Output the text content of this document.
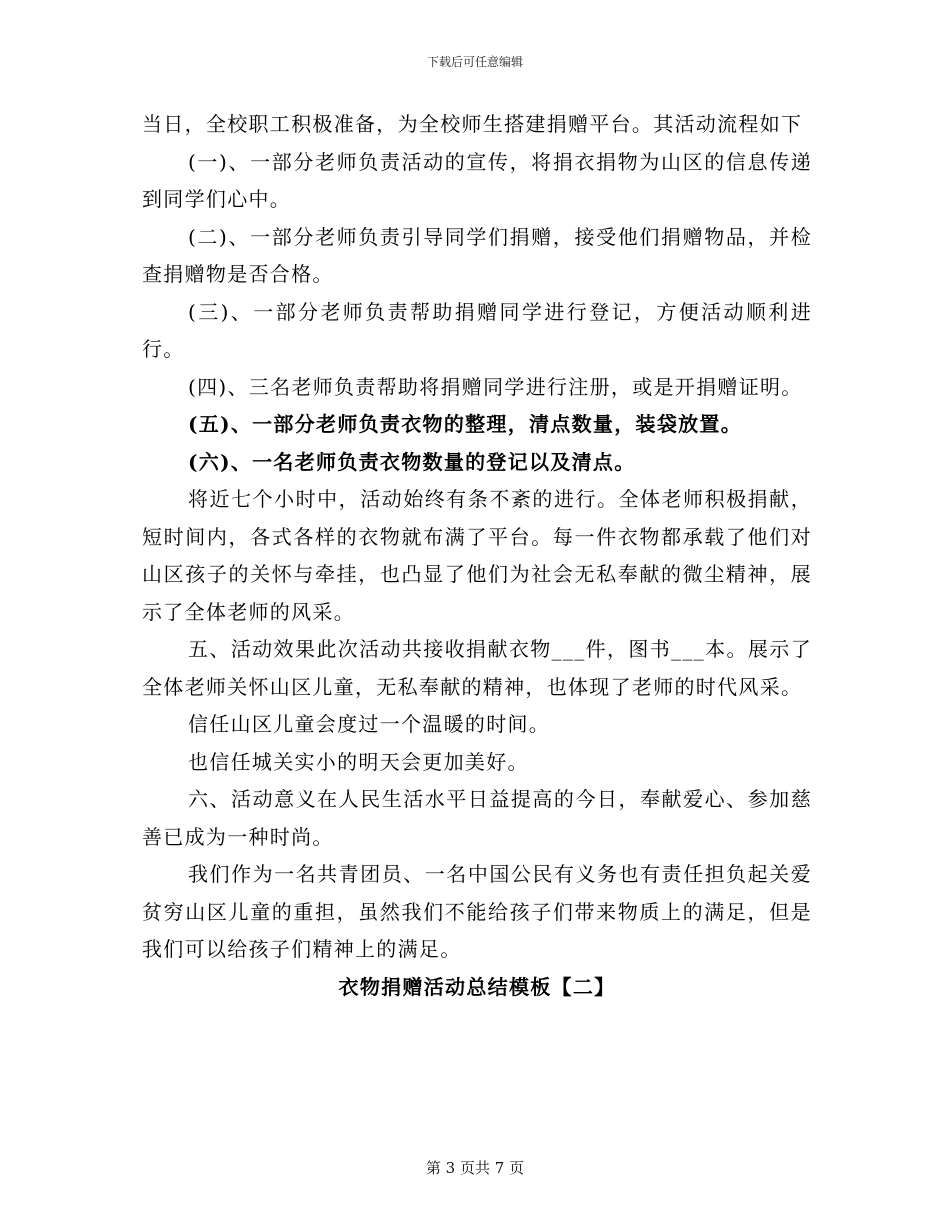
下载后可任意编辑

当日，全校职工积极准备，为全校师生搭建捐赠平台。其活动流程如下

(一)、一部分老师负责活动的宣传，将捐衣捐物为山区的信息传递到同学们心中。

(二)、一部分老师负责引导同学们捐赠，接受他们捐赠物品，并检查捐赠物是否合格。

(三)、一部分老师负责帮助捐赠同学进行登记，方便活动顺利进行。

(四)、三名老师负责帮助将捐赠同学进行注册，或是开捐赠证明。

(五)、一部分老师负责衣物的整理，清点数量，装袋放置。

(六)、一名老师负责衣物数量的登记以及清点。

将近七个小时中，活动始终有条不紊的进行。全体老师积极捐献，短时间内，各式各样的衣物就布满了平台。每一件衣物都承载了他们对山区孩子的关怀与牵挂，也凸显了他们为社会无私奉献的微尘精神，展示了全体老师的风采。

五、活动效果此次活动共接收捐献衣物___件，图书___本。展示了全体老师关怀山区儿童，无私奉献的精神，也体现了老师的时代风采。

信任山区儿童会度过一个温暖的时间。

也信任城关实小的明天会更加美好。

六、活动意义在人民生活水平日益提高的今日，奉献爱心、参加慈善已成为一种时尚。

我们作为一名共青团员、一名中国公民有义务也有责任担负起关爱贫穷山区儿童的重担，虽然我们不能给孩子们带来物质上的满足，但是我们可以给孩子们精神上的满足。

衣物捐赠活动总结模板【二】

第 3 页共 7 页
